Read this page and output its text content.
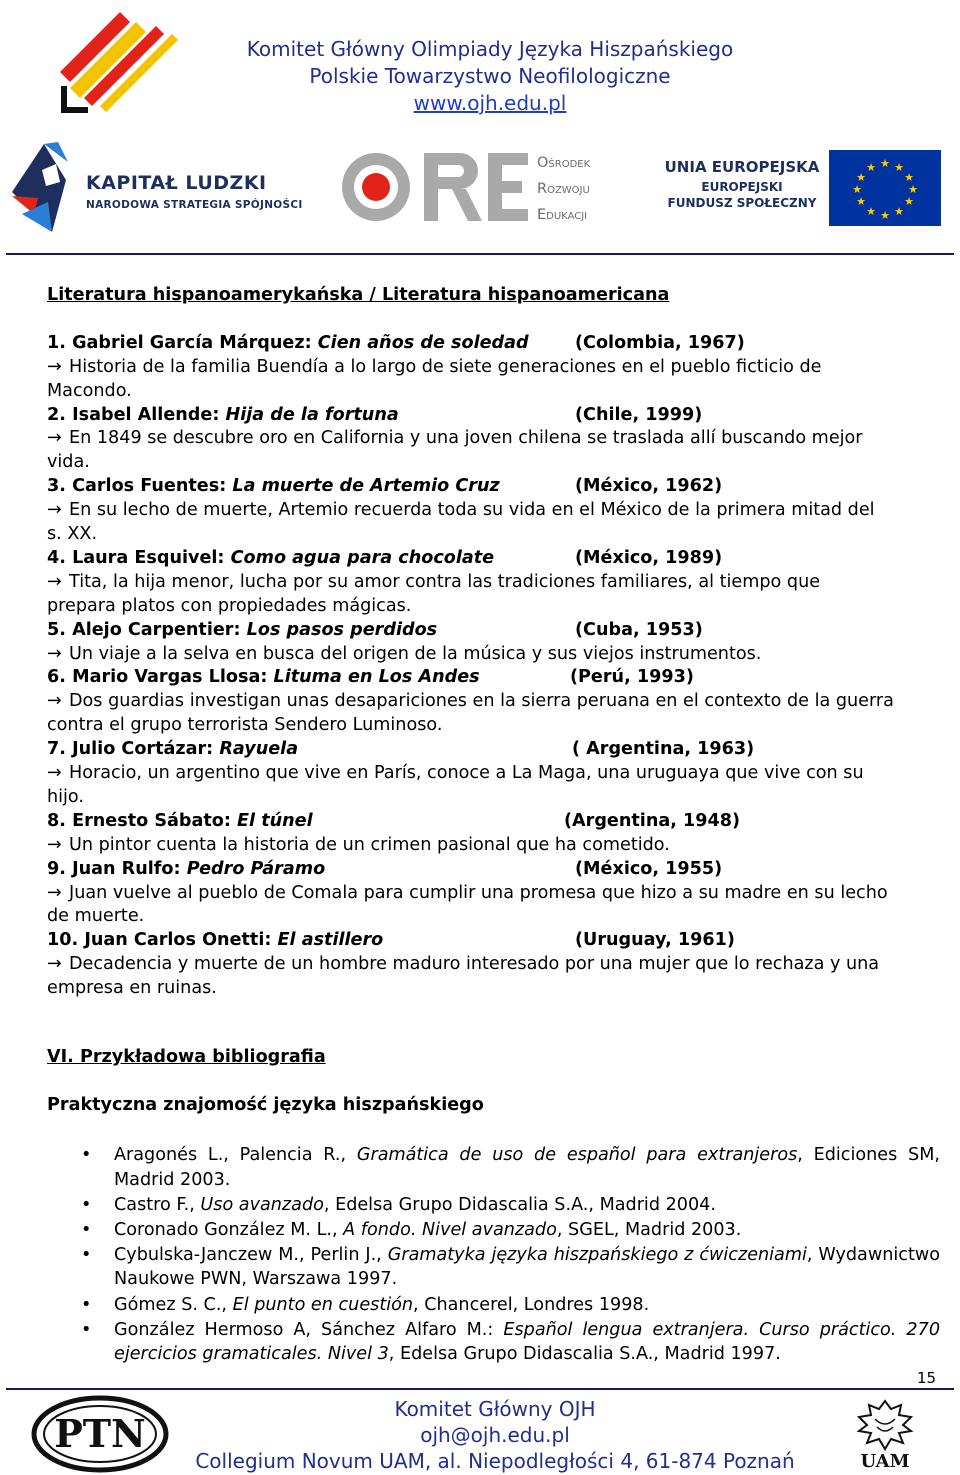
Komitet Główny Olimpiady Języka Hiszpańskiego
Polskie Towarzystwo Neofilologiczne
www.ojh.edu.pl
KAPITAŁ LUDZKI
NARODOWA STRATEGIA SPÓJNOŚCI
Ośrodek
Rozwoju
Edukacji
UNIA EUROPEJSKA
EUROPEJSKI
FUNDUSZ SPOŁECZNY
★ ★
★
★
★
★
★
★
★
★
★
★

Literatura hispanoamerykańska / Literatura hispanoamericana

1. Gabriel García Márquez: Cien años de soledad	(Colombia, 1967)

→ Historia de la familia Buendía a lo largo de siete generaciones en el pueblo ficticio de

Macondo.

2. Isabel Allende: Hija de la fortuna	(Chile, 1999)

→ En 1849 se descubre oro en California y una joven chilena se traslada allí buscando mejor

vida.

3. Carlos Fuentes: La muerte de Artemio Cruz	(México, 1962)

→ En su lecho de muerte, Artemio recuerda toda su vida en el México de la primera mitad del

s. XX.

4. Laura Esquivel: Como agua para chocolate	(México, 1989)

→ Tita, la hija menor, lucha por su amor contra las tradiciones familiares, al tiempo que

prepara platos con propiedades mágicas.

5. Alejo Carpentier: Los pasos perdidos	(Cuba, 1953)

→ Un viaje a la selva en busca del origen de la música y sus viejos instrumentos.

6. Mario Vargas Llosa: Lituma en Los Andes	(Perú, 1993)

→ Dos guardias investigan unas desapariciones en la sierra peruana en el contexto de la guerra

contra el grupo terrorista Sendero Luminoso.

7. Julio Cortázar: Rayuela	( Argentina, 1963)

→ Horacio, un argentino que vive en París, conoce a La Maga, una uruguaya que vive con su

hijo.

8. Ernesto Sábato: El túnel	(Argentina, 1948)

→ Un pintor cuenta la historia de un crimen pasional que ha cometido.

9. Juan Rulfo: Pedro Páramo	(México, 1955)

→ Juan vuelve al pueblo de Comala para cumplir una promesa que hizo a su madre en su lecho

de muerte.

10. Juan Carlos Onetti: El astillero	(Uruguay, 1961)

→ Decadencia y muerte de un hombre maduro interesado por una mujer que lo rechaza y una

empresa en ruinas.

VI. Przykładowa bibliografia
Praktyczna znajomość języka hiszpańskiego
• Aragonés L., Palencia R., Gramática de uso de español para extranjeros, Ediciones SM, Madrid 2003.
• Castro F., Uso avanzado, Edelsa Grupo Didascalia S.A., Madrid 2004.
• Coronado González M. L., A fondo. Nivel avanzado, SGEL, Madrid 2003.
• Cybulska-Janczew M., Perlin J., Gramatyka języka hiszpańskiego z ćwiczeniami, Wydawnictwo Naukowe PWN, Warszawa 1997.
• Gómez S. C., El punto en cuestión, Chancerel, Londres 1998.
• González Hermoso A, Sánchez Alfaro M.: Español lengua extranjera. Curso práctico. 270 ejercicios gramaticales. Nivel 3, Edelsa Grupo Didascalia S.A., Madrid 1997.
15
PTN
Komitet Główny OJH
ojh@ojh.edu.pl
Collegium Novum UAM, al. Niepodległości 4, 61-874 Poznań	UAM
